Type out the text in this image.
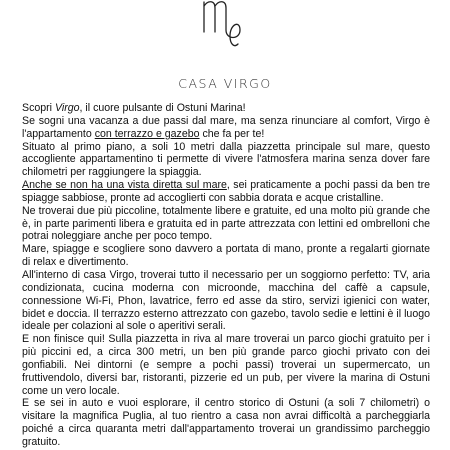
CASA VIRGO

Scopri Virgo, il cuore pulsante di Ostuni Marina!

Se sogni una vacanza a due passi dal mare, ma senza rinunciare al comfort, Virgo è l'appartamento con terrazzo e gazebo che fa per te!

Situato al primo piano, a soli 10 metri dalla piazzetta principale sul mare, questo accogliente appartamentino ti permette di vivere l'atmosfera marina senza dover fare chilometri per raggiungere la spiaggia.

Anche se non ha una vista diretta sul mare, sei praticamente a pochi passi da ben tre spiagge sabbiose, pronte ad accoglierti con sabbia dorata e acque cristalline.

Ne troverai due più piccoline, totalmente libere e gratuite, ed una molto più grande che è, in parte parimenti libera e gratuita ed in parte attrezzata con lettini ed ombrelloni che potrai noleggiare anche per poco tempo.

Mare, spiagge e scogliere sono davvero a portata di mano, pronte a regalarti giornate di relax e divertimento.

All'interno di casa Virgo, troverai tutto il necessario per un soggiorno perfetto: TV, aria condizionata, cucina moderna con microonde, macchina del caffè a capsule, connessione Wi-Fi, Phon, lavatrice, ferro ed asse da stiro, servizi igienici con water, bidet e doccia. Il terrazzo esterno attrezzato con gazebo, tavolo sedie e lettini è il luogo ideale per colazioni al sole o aperitivi serali.

E non finisce qui! Sulla piazzetta in riva al mare troverai un parco giochi gratuito per i più piccini ed, a circa 300 metri, un ben più grande parco giochi privato con dei gonfiabili. Nei dintorni (e sempre a pochi passi) troverai un supermercato, un fruttivendolo, diversi bar, ristoranti, pizzerie ed un pub, per vivere la marina di Ostuni come un vero locale.

E se sei in auto e vuoi esplorare, il centro storico di Ostuni (a soli 7 chilometri) o visitare la magnifica Puglia, al tuo rientro a casa non avrai difficoltà a parcheggiarla poiché a circa quaranta metri dall'appartamento troverai un grandissimo parcheggio gratuito.
